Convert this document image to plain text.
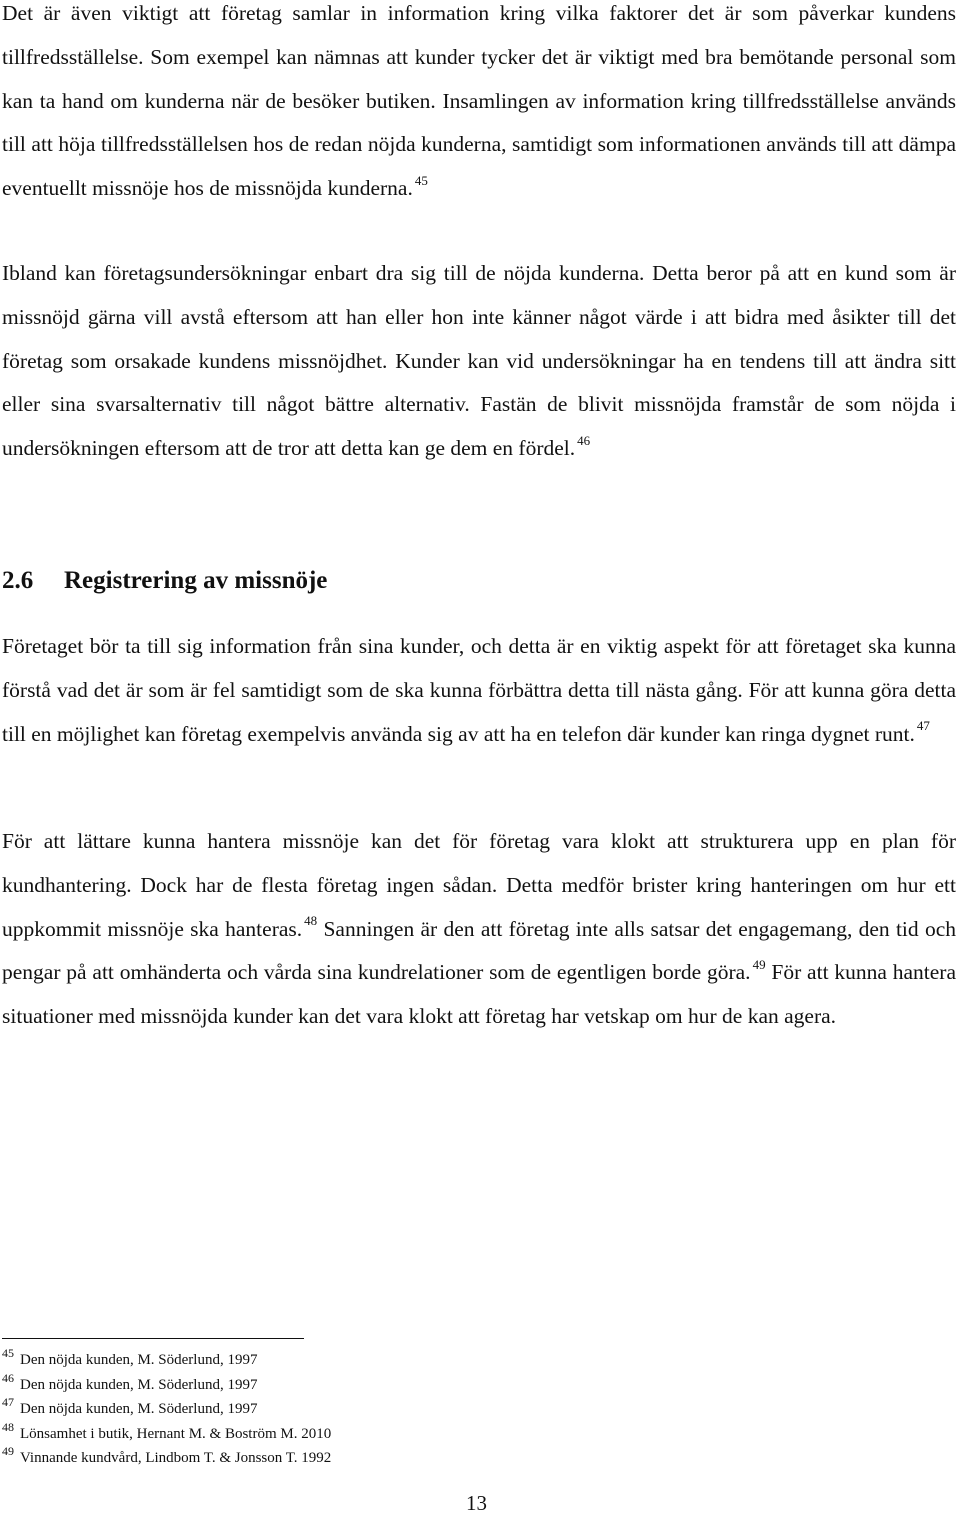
Det är även viktigt att företag samlar in information kring vilka faktorer det är som påverkar kundens tillfredsställelse. Som exempel kan nämnas att kunder tycker det är viktigt med bra bemötande personal som kan ta hand om kunderna när de besöker butiken. Insamlingen av information kring tillfredsställelse används till att höja tillfredsställelsen hos de redan nöjda kunderna, samtidigt som informationen används till att dämpa eventuellt missnöje hos de missnöjda kunderna. $^{45}$

Ibland kan företagsundersökningar enbart dra sig till de nöjda kunderna. Detta beror på att en kund som är missnöjd gärna vill avstå eftersom att han eller hon inte känner något värde i att bidra med åsikter till det företag som orsakade kundens missnöjdhet. Kunder kan vid undersökningar ha en tendens till att ändra sitt eller sina svarsalternativ till något bättre alternativ. Fastän de blivit missnöjda framstår de som nöjda i undersökningen eftersom att de tror att detta kan ge dem en fördel. $^{46}$

2.6 Registrering av missnöje

Företaget bör ta till sig information från sina kunder, och detta är en viktig aspekt för att företaget ska kunna förstå vad det är som är fel samtidigt som de ska kunna förbättra detta till nästa gång. För att kunna göra detta till en möjlighet kan företag exempelvis använda sig av att ha en telefon där kunder kan ringa dygnet runt. $^{47}$

För att lättare kunna hantera missnöje kan det för företag vara klokt att strukturera upp en plan för kundhantering. Dock har de flesta företag ingen sådan. Detta medför brister kring hanteringen om hur ett uppkommit missnöje ska hanteras. $^{48}$ Sanningen är den att företag inte alls satsar det engagemang, den tid och pengar på att omhänderta och vårda sina kundrelationer som de egentligen borde göra. $^{49}$ För att kunna hantera situationer med missnöjda kunder kan det vara klokt att företag har vetskap om hur de kan agera.

45 Den nöjda kunden, M. Söderlund, 1997
46 Den nöjda kunden, M. Söderlund, 1997
47 Den nöjda kunden, M. Söderlund, 1997
48 Lönsamhet i butik, Hernant M. & Boström M. 2010
49 Vinnande kundvård, Lindbom T. & Jonsson T. 1992

13
